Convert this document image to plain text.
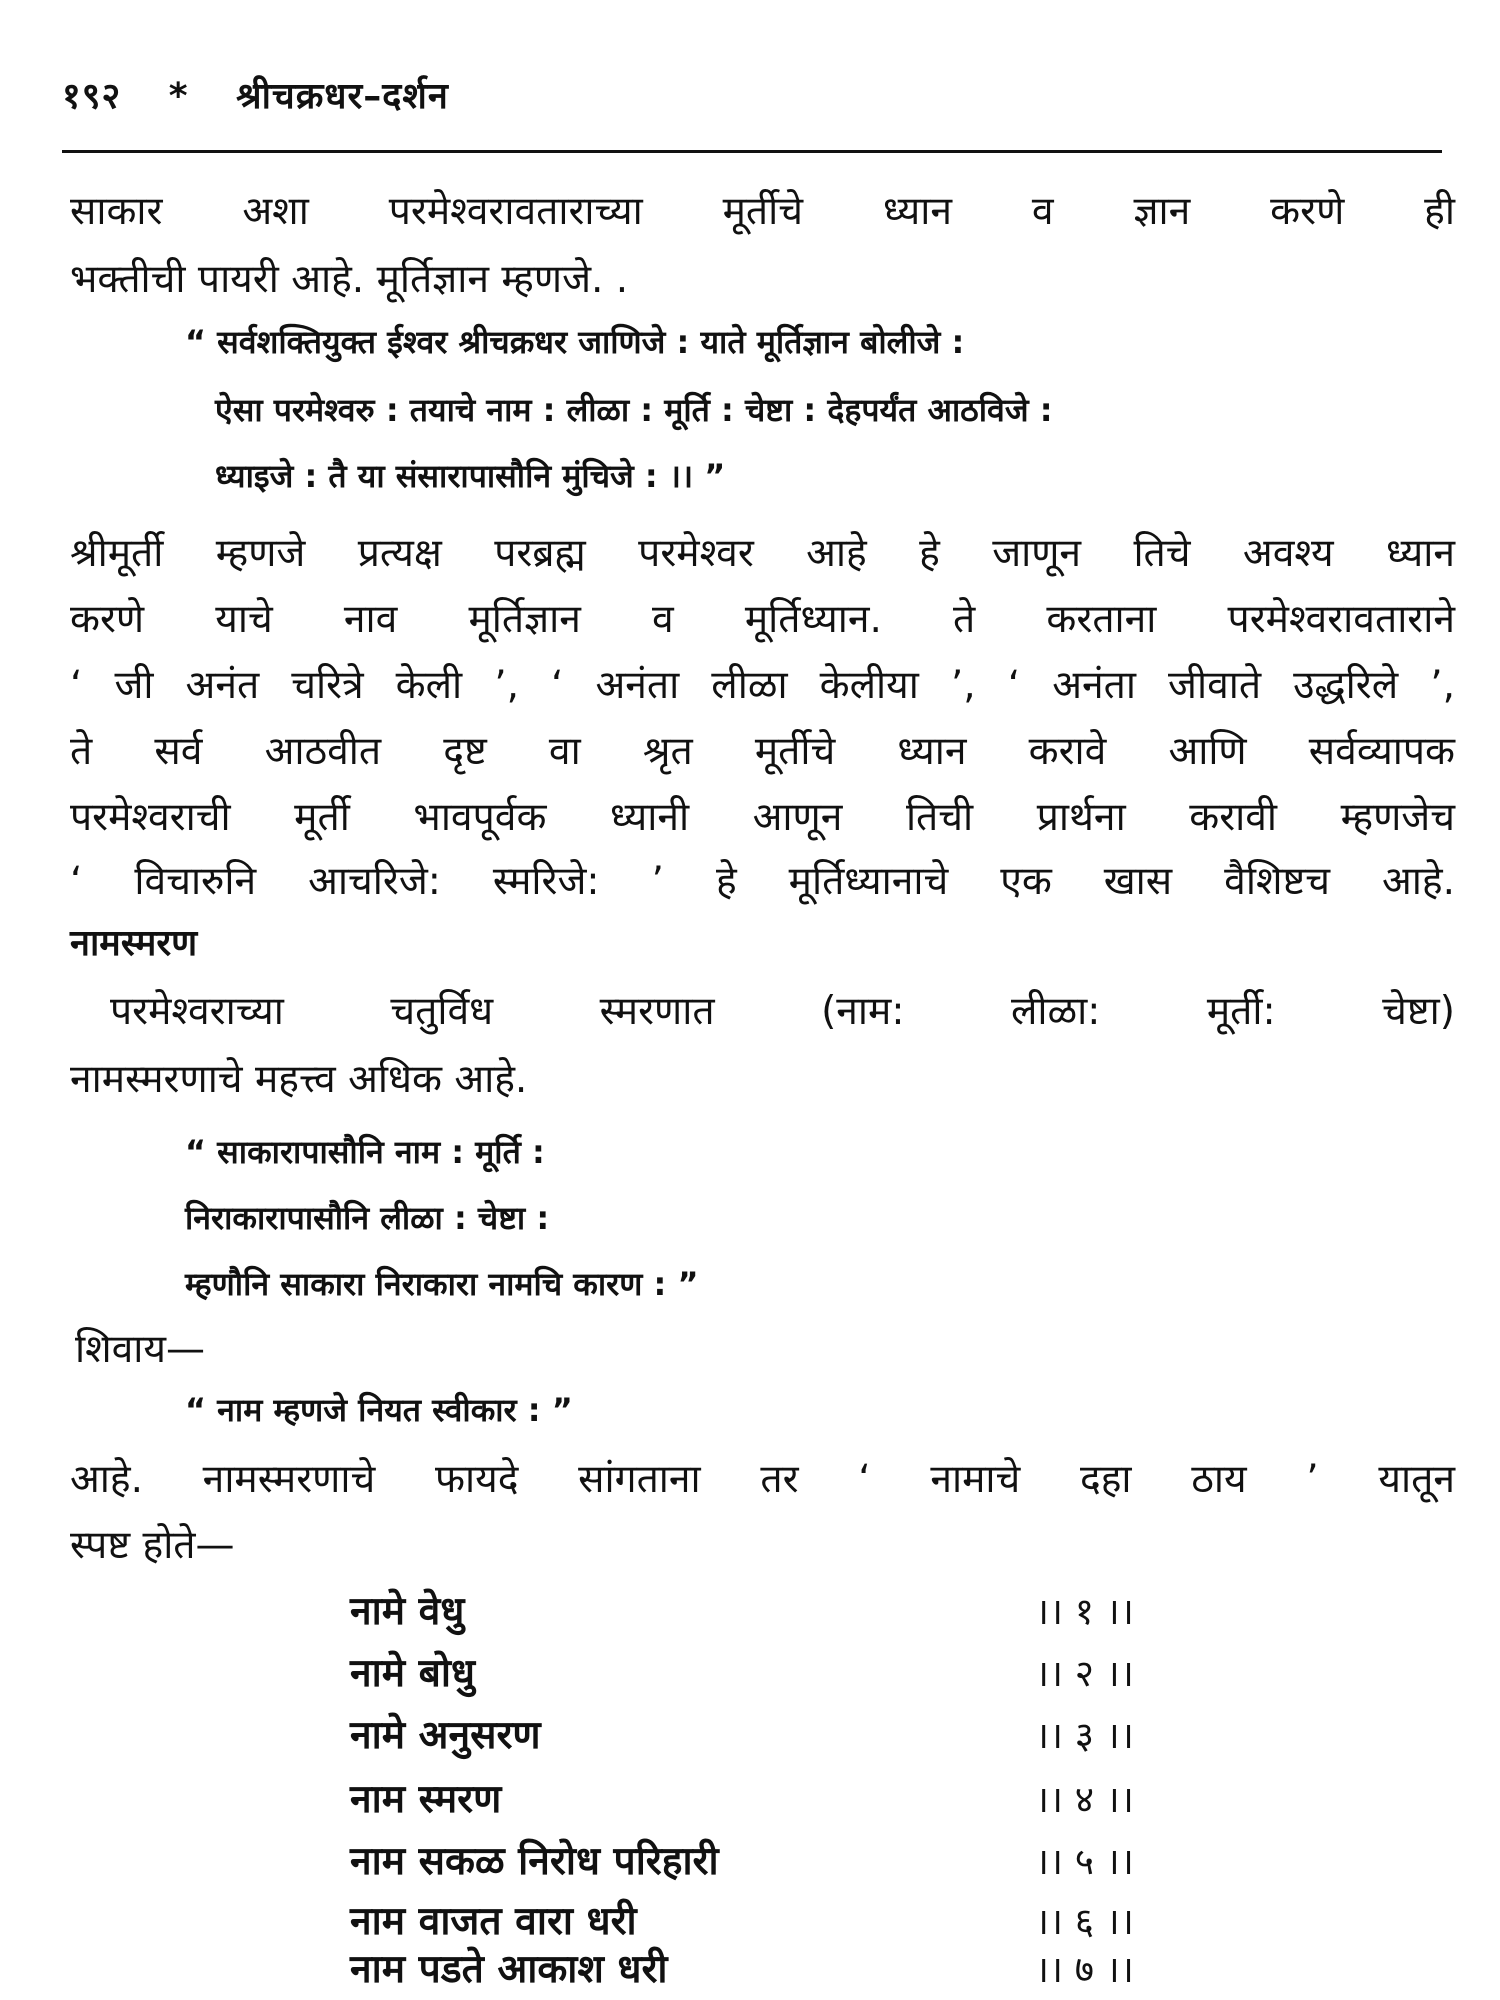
१९२ * श्रीचक्रधर–दर्शन
साकार अशा परमेश्वरावताराच्या मूर्तीचे ध्यान व ज्ञान करणे ही
भक्तीची पायरी आहे. मूर्तिज्ञान म्हणजे. .
“ सर्वशक्तियुक्त ईश्वर श्रीचक्रधर जाणिजे : याते मूर्तिज्ञान बोलीजे :
ऐसा परमेश्वरु : तयाचे नाम : लीळा : मूर्ति : चेष्टा : देहपर्यंत आठविजे :
ध्याइजे : तै या संसारापासौनि मुंचिजे : ।। ”
श्रीमूर्ती म्हणजे प्रत्यक्ष परब्रह्म परमेश्वर आहे हे जाणून तिचे अवश्य ध्यान
करणे याचे नाव मूर्तिज्ञान व मूर्तिध्यान. ते करताना परमेश्वरावताराने
‘ जी अनंत चरित्रे केली ’, ‘ अनंता लीळा केलीया ’, ‘ अनंता जीवाते उद्धरिले ’,
ते सर्व आठवीत दृष्ट वा श्रृत मूर्तीचे ध्यान करावे आणि सर्वव्यापक
परमेश्वराची मूर्ती भावपूर्वक ध्यानी आणून तिची प्रार्थना करावी म्हणजेच
‘ विचारुनि आचरिजे: स्मरिजे: ’ हे मूर्तिध्यानाचे एक खास वैशिष्टच आहे.
नामस्मरण
परमेश्वराच्या चतुर्विध स्मरणात (नाम: लीळा: मूर्ती: चेष्टा)
नामस्मरणाचे महत्त्व अधिक आहे.
“ साकारापासौनि नाम : मूर्ति :
निराकारापासौनि लीळा : चेष्टा :
म्हणौनि साकारा निराकारा नामचि कारण : ”
शिवाय—
“ नाम म्हणजे नियत स्वीकार : ”
आहे. नामस्मरणाचे फायदे सांगताना तर ‘ नामाचे दहा ठाय ’ यातून
स्पष्ट होते—
नामे वेधु	।। १ ।।
नामे बोधु	।। २ ।।
नामे अनुसरण	।। ३ ।।
नाम स्मरण	।। ४ ।।
नाम सकळ निरोध परिहारी	।। ५ ।।
नाम वाजत वारा धरी	।। ६ ।।
नाम पडते आकाश धरी	।। ७ ।।
